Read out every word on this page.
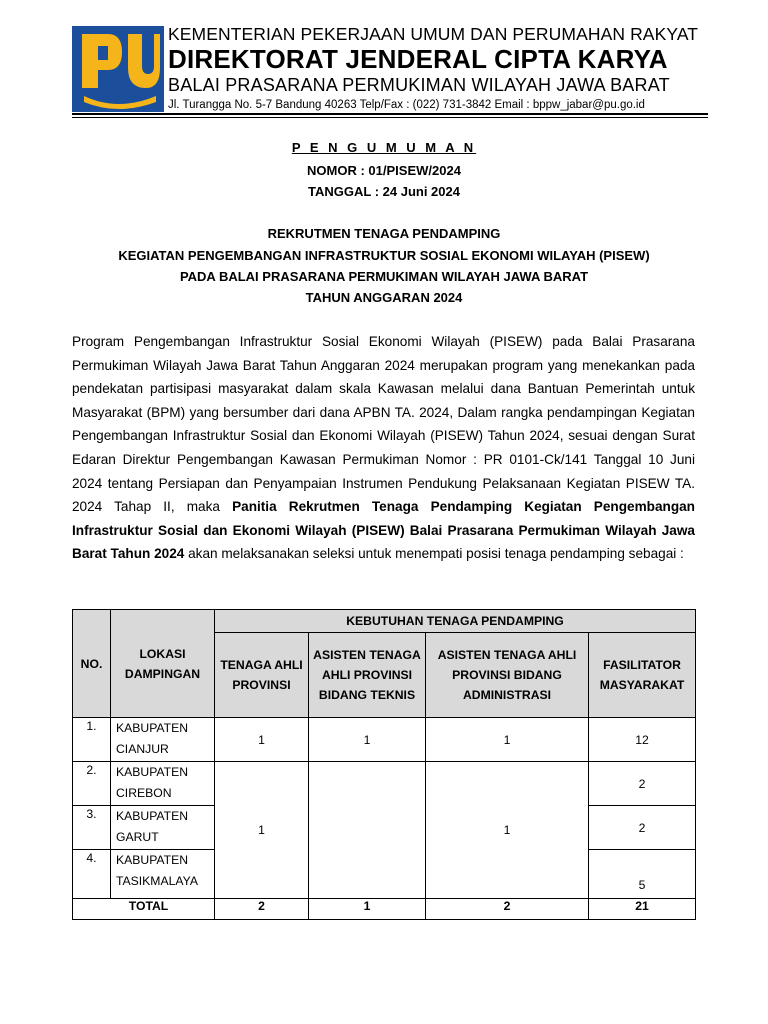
KEMENTERIAN PEKERJAAN UMUM DAN PERUMAHAN RAKYAT
DIREKTORAT JENDERAL CIPTA KARYA
BALAI PRASARANA PERMUKIMAN WILAYAH JAWA BARAT
Jl. Turangga No. 5-7 Bandung 40263 Telp/Fax : (022) 731-3842 Email : bppw_jabar@pu.go.id
P E N G U M U M A N
NOMOR : 01/PISEW/2024
TANGGAL : 24 Juni 2024
REKRUTMEN TENAGA PENDAMPING
KEGIATAN PENGEMBANGAN INFRASTRUKTUR SOSIAL EKONOMI WILAYAH (PISEW)
PADA BALAI PRASARANA PERMUKIMAN WILAYAH JAWA BARAT
TAHUN ANGGARAN 2024
Program Pengembangan Infrastruktur Sosial Ekonomi Wilayah (PISEW) pada Balai Prasarana Permukiman Wilayah Jawa Barat Tahun Anggaran 2024 merupakan program yang menekankan pada pendekatan partisipasi masyarakat dalam skala Kawasan melalui dana Bantuan Pemerintah untuk Masyarakat (BPM) yang bersumber dari dana APBN TA. 2024, Dalam rangka pendampingan Kegiatan Pengembangan Infrastruktur Sosial dan Ekonomi Wilayah (PISEW) Tahun 2024, sesuai dengan Surat Edaran Direktur Pengembangan Kawasan Permukiman Nomor : PR 0101-Ck/141 Tanggal 10 Juni 2024 tentang Persiapan dan Penyampaian Instrumen Pendukung Pelaksanaan Kegiatan PISEW TA. 2024 Tahap II, maka Panitia Rekrutmen Tenaga Pendamping Kegiatan Pengembangan Infrastruktur Sosial dan Ekonomi Wilayah (PISEW) Balai Prasarana Permukiman Wilayah Jawa Barat Tahun 2024 akan melaksanakan seleksi untuk menempati posisi tenaga pendamping sebagai :
NO.	LOKASI DAMPINGAN	KEBUTUHAN TENAGA PENDAMPING			
		TENAGA AHLI PROVINSI	ASISTEN TENAGA AHLI PROVINSI BIDANG TEKNIS	ASISTEN TENAGA AHLI PROVINSI BIDANG ADMINISTRASI	FASILITATOR MASYARAKAT
1.	KABUPATEN
CIANJUR	1	1	1	12
2.	KABUPATEN
CIREBON	1		1	2
3.	KABUPATEN
GARUT				2
4.	KABUPATEN
TASIKMALAYA				5
TOTAL		2	1	2	21
